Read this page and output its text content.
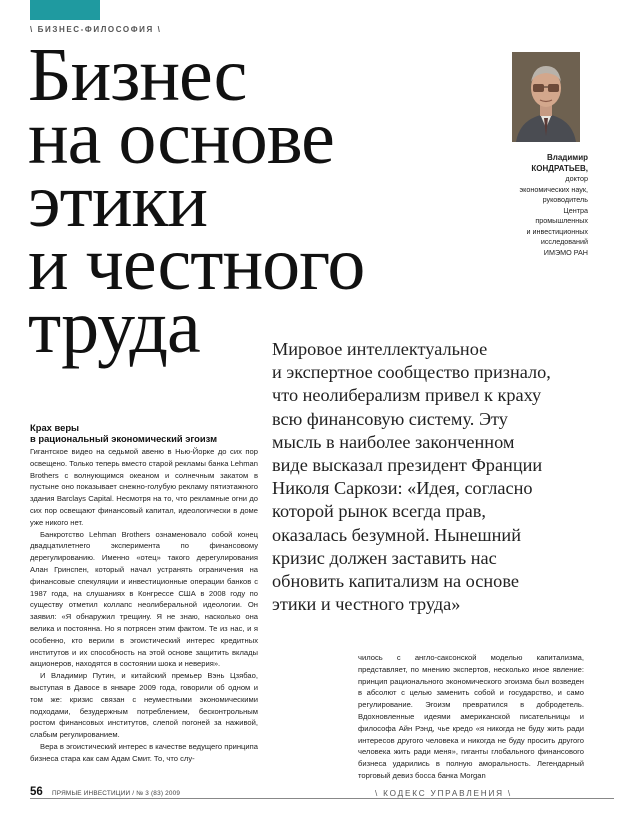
\ БИЗНЕС-ФИЛОСОФИЯ \
Бизнес
на основе
этики
и честного
труда
Владимир
КОНДРАТЬЕВ,
доктор
экономических наук,
руководитель
Центра
промышленных
и инвестиционных
исследований
ИМЭМО РАН
Мировое интеллектуальное
и экспертное сообщество признало,
что неолиберализм привел к краху
всю финансовую систему. Эту
мысль в наиболее законченном
виде высказал президент Франции
Николя Саркози: «Идея, согласно
которой рынок всегда прав,
оказалась безумной. Нынешний
кризис должен заставить нас
обновить капитализм на основе
этики и честного труда»
Крах веры
в рациональный экономический эгоизм

Гигантское видео на седьмой авеню в Нью-Йорке до сих пор освещено. Только теперь вместо старой рекламы банка Lehman Brothers с волнующимся океаном и солнечным закатом в пустыне оно показывает снежно-голубую рекламу пятиэтажного здания Barclays Capital. Несмотря на то, что рекламные огни до сих пор освещают финансовый капитал, идеологически в доме уже никого нет.

Банкротство Lehman Brothers ознаменовало собой конец двадцатилетнего эксперимента по финансовому дерегулированию. Именно «отец» такого дерегулирования Алан Гринспен, который начал устранять ограничения на финансовые спекуляции и инвестиционные операции банков с 1987 года, на слушаниях в Конгрессе США в 2008 году по существу отметил коллапс неолиберальной идеологии. Он заявил: «Я обнаружил трещину. Я не знаю, насколько она велика и постоянна. Но я потрясен этим фактом. Те из нас, и я особенно, кто верили в эгоистический интерес кредитных институтов и их способность на этой основе защитить вклады акционеров, находятся в состоянии шока и неверия».

И Владимир Путин, и китайский премьер Вэнь Цзябао, выступая в Давосе в январе 2009 года, говорили об одном и том же: кризис связан с неуместными экономическими подходами, безудержным потреблением, бесконтрольным ростом финансовых институтов, слепой погоней за наживой, слабым регулированием.

Вера в эгоистический интерес в качестве ведущего принципа бизнеса стара как сам Адам Смит. То, что слу-

чилось с англо-саксонской моделью капитализма, представляет, по мнению экспертов, несколько иное явление: принцип рационального экономического эгоизма был возведен в абсолют с целью заменить собой и государство, и само регулирование. Эгоизм превратился в добродетель. Вдохновленные идеями американской писательницы и философа Айн Рэнд, чье кредо «я никогда не буду жить ради интересов другого человека и никогда не буду просить другого человека жить ради меня», гиганты глобального финансового бизнеса ударились в полную аморальность. Легендарный торговый девиз босса банка Morgan

56 ПРЯМЫЕ ИНВЕСТИЦИИ / № 3 (83) 2009	\ КОДЕКС УПРАВЛЕНИЯ \
